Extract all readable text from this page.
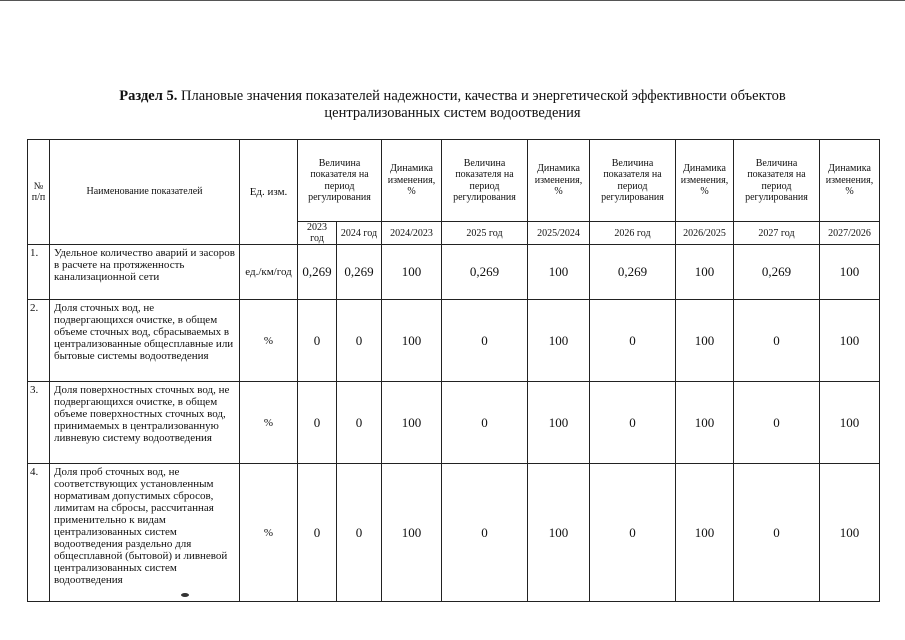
Раздел 5. Плановые значения показателей надежности, качества и энергетической эффективности объектов
централизованных систем водоотведения
№ п/п	Наименование показателей	Ед. изм.	Величина показателя на период регулирования		Динамика изменения, %	Величина показателя на период регулирования	Динамика изменения, %	Величина показателя на период регулирования	Динамика изменения, %	Величина показателя на период регулирования	Динамика изменения, %
			2023 год	2024 год	2024/2023	2025 год	2025/2024	2026 год	2026/2025	2027 год	2027/2026
1.	Удельное количество аварий и засоров в расчете на протяженность канализационной сети	ед./км/год	0,269	0,269	100	0,269	100	0,269	100	0,269	100
2.	Доля сточных вод, не подвергающихся очистке, в общем объеме сточных вод, сбрасываемых в централизованные общесплавные или бытовые системы водоотведения	%	0	0	100	0	100	0	100	0	100
3.	Доля поверхностных сточных вод, не подвергающихся очистке, в общем объеме поверхностных сточных вод, принимаемых в централизованную ливневую систему водоотведения	%	0	0	100	0	100	0	100	0	100
4.	Доля проб сточных вод, не соответствующих установленным нормативам допустимых сбросов, лимитам на сбросы, рассчитанная применительно к видам централизованных систем водоотведения раздельно для общесплавной (бытовой) и ливневой централизованных систем водоотведения	%	0	0	100	0	100	0	100	0	100
